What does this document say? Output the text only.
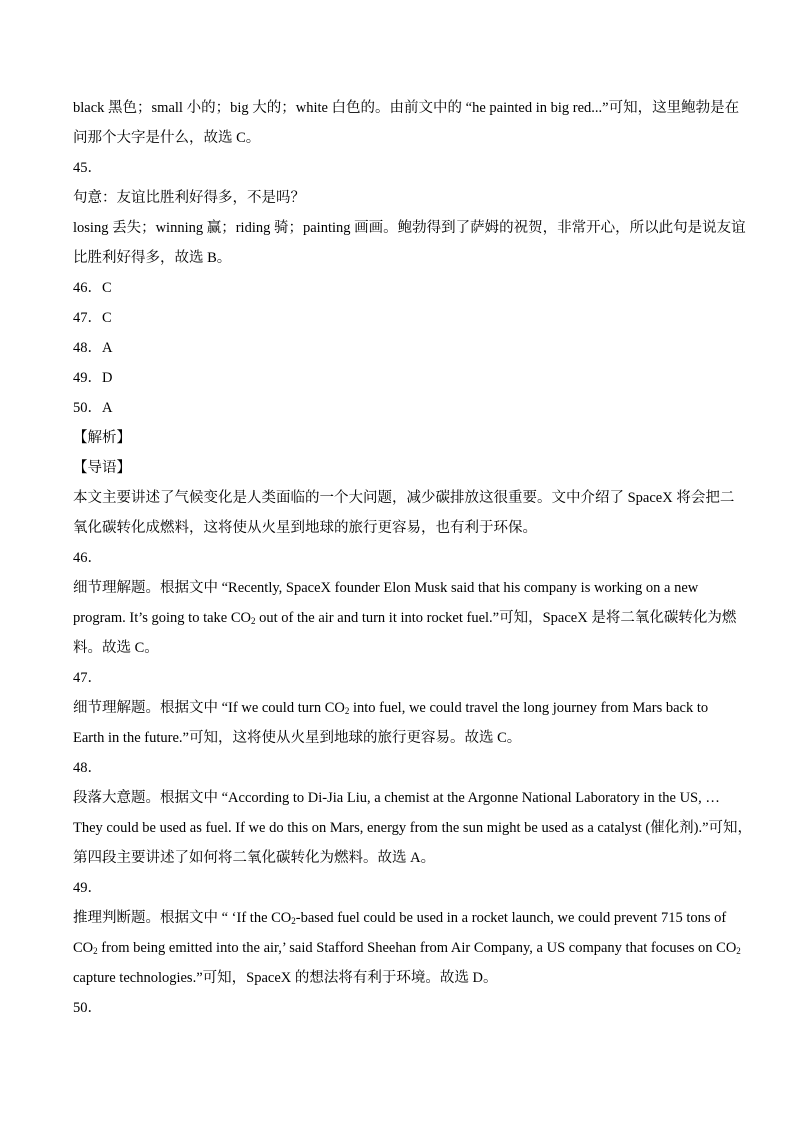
black 黑色；small 小的；big 大的；white 白色的。由前文中的 “he painted in big red...”可知，这里鲍勃是在
问那个大字是什么，故选 C。
45．
句意：友谊比胜利好得多，不是吗？
losing 丢失；winning 赢；riding 骑；painting 画画。鲍勃得到了萨姆的祝贺，非常开心，所以此句是说友谊
比胜利好得多，故选 B。
46．C
47．C
48．A
49．D
50．A
【解析】
【导语】
本文主要讲述了气候变化是人类面临的一个大问题，减少碳排放这很重要。文中介绍了 SpaceX 将会把二
氧化碳转化成燃料，这将使从火星到地球的旅行更容易，也有利于环保。
46．
细节理解题。根据文中 “Recently, SpaceX founder Elon Musk said that his company is working on a new
program. It’s going to take $CO_2$ out of the air and turn it into rocket fuel.”可知，SpaceX 是将二氧化碳转化为燃
料。故选 C。
47．
细节理解题。根据文中 “If we could turn $CO_2$ into fuel, we could travel the long journey from Mars back to
Earth in the future.”可知，这将使从火星到地球的旅行更容易。故选 C。
48．
段落大意题。根据文中 “According to Di-Jia Liu, a chemist at the Argonne National Laboratory in the US, …
They could be used as fuel. If we do this on Mars, energy from the sun might be used as a catalyst (催化剂).”可知，
第四段主要讲述了如何将二氧化碳转化为燃料。故选 A。
49．
推理判断题。根据文中 “ ‘If the $CO_2$-based fuel could be used in a rocket launch, we could prevent 715 tons of
$CO_2$ from being emitted into the air,’ said Stafford Sheehan from Air Company, a US company that focuses on $CO_2$
capture technologies.”可知，SpaceX 的想法将有利于环境。故选 D。
50．
